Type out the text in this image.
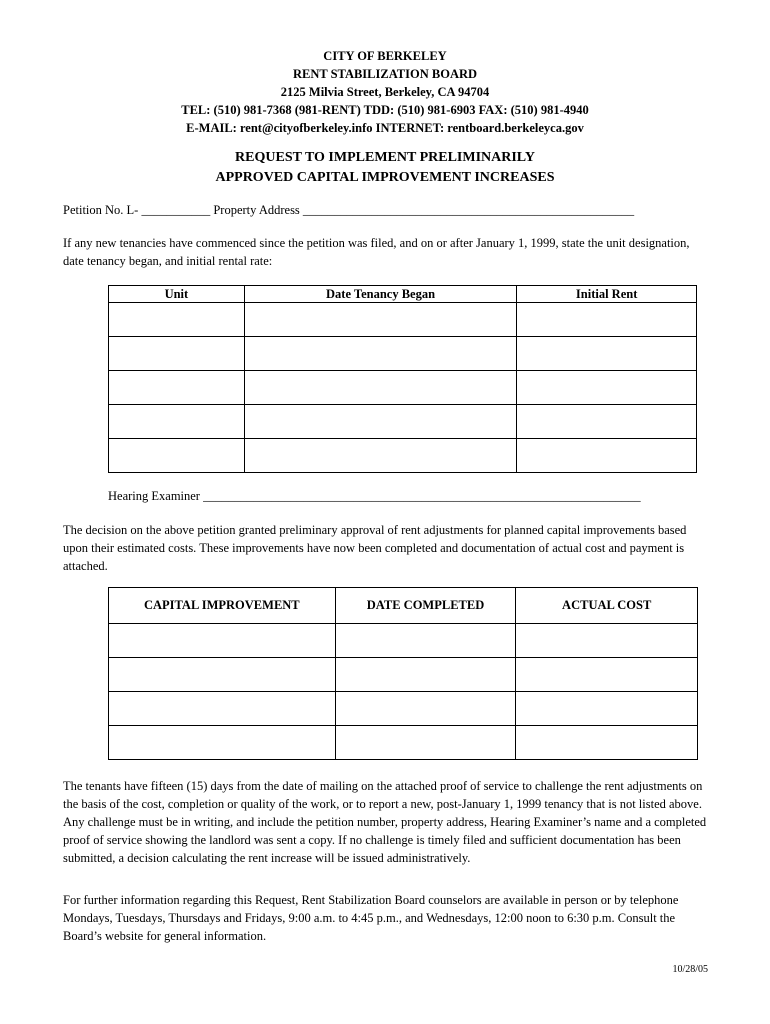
CITY OF BERKELEY
RENT STABILIZATION BOARD
2125 Milvia Street, Berkeley, CA 94704
TEL: (510) 981-7368 (981-RENT) TDD: (510) 981-6903 FAX: (510) 981-4940
E-MAIL: rent@cityofberkeley.info INTERNET: rentboard.berkeleyca.gov
REQUEST TO IMPLEMENT PRELIMINARILY
APPROVED CAPITAL IMPROVEMENT INCREASES
Petition No. L- ___________ Property Address _____________________________________________________
If any new tenancies have commenced since the petition was filed, and on or after January 1, 1999, state the unit designation, date tenancy began, and initial rental rate:
Unit	Date Tenancy Began	Initial Rent

Hearing Examiner ______________________________________________________________________
The decision on the above petition granted preliminary approval of rent adjustments for planned capital improvements based upon their estimated costs. These improvements have now been completed and documentation of actual cost and payment is attached.
CAPITAL IMPROVEMENT	DATE COMPLETED	ACTUAL COST

The tenants have fifteen (15) days from the date of mailing on the attached proof of service to challenge the rent adjustments on the basis of the cost, completion or quality of the work, or to report a new, post-January 1, 1999 tenancy that is not listed above. Any challenge must be in writing, and include the petition number, property address, Hearing Examiner’s name and a completed proof of service showing the landlord was sent a copy. If no challenge is timely filed and sufficient documentation has been submitted, a decision calculating the rent increase will be issued administratively.
For further information regarding this Request, Rent Stabilization Board counselors are available in person or by telephone Mondays, Tuesdays, Thursdays and Fridays, 9:00 a.m. to 4:45 p.m., and Wednesdays, 12:00 noon to 6:30 p.m. Consult the Board’s website for general information.
10/28/05
